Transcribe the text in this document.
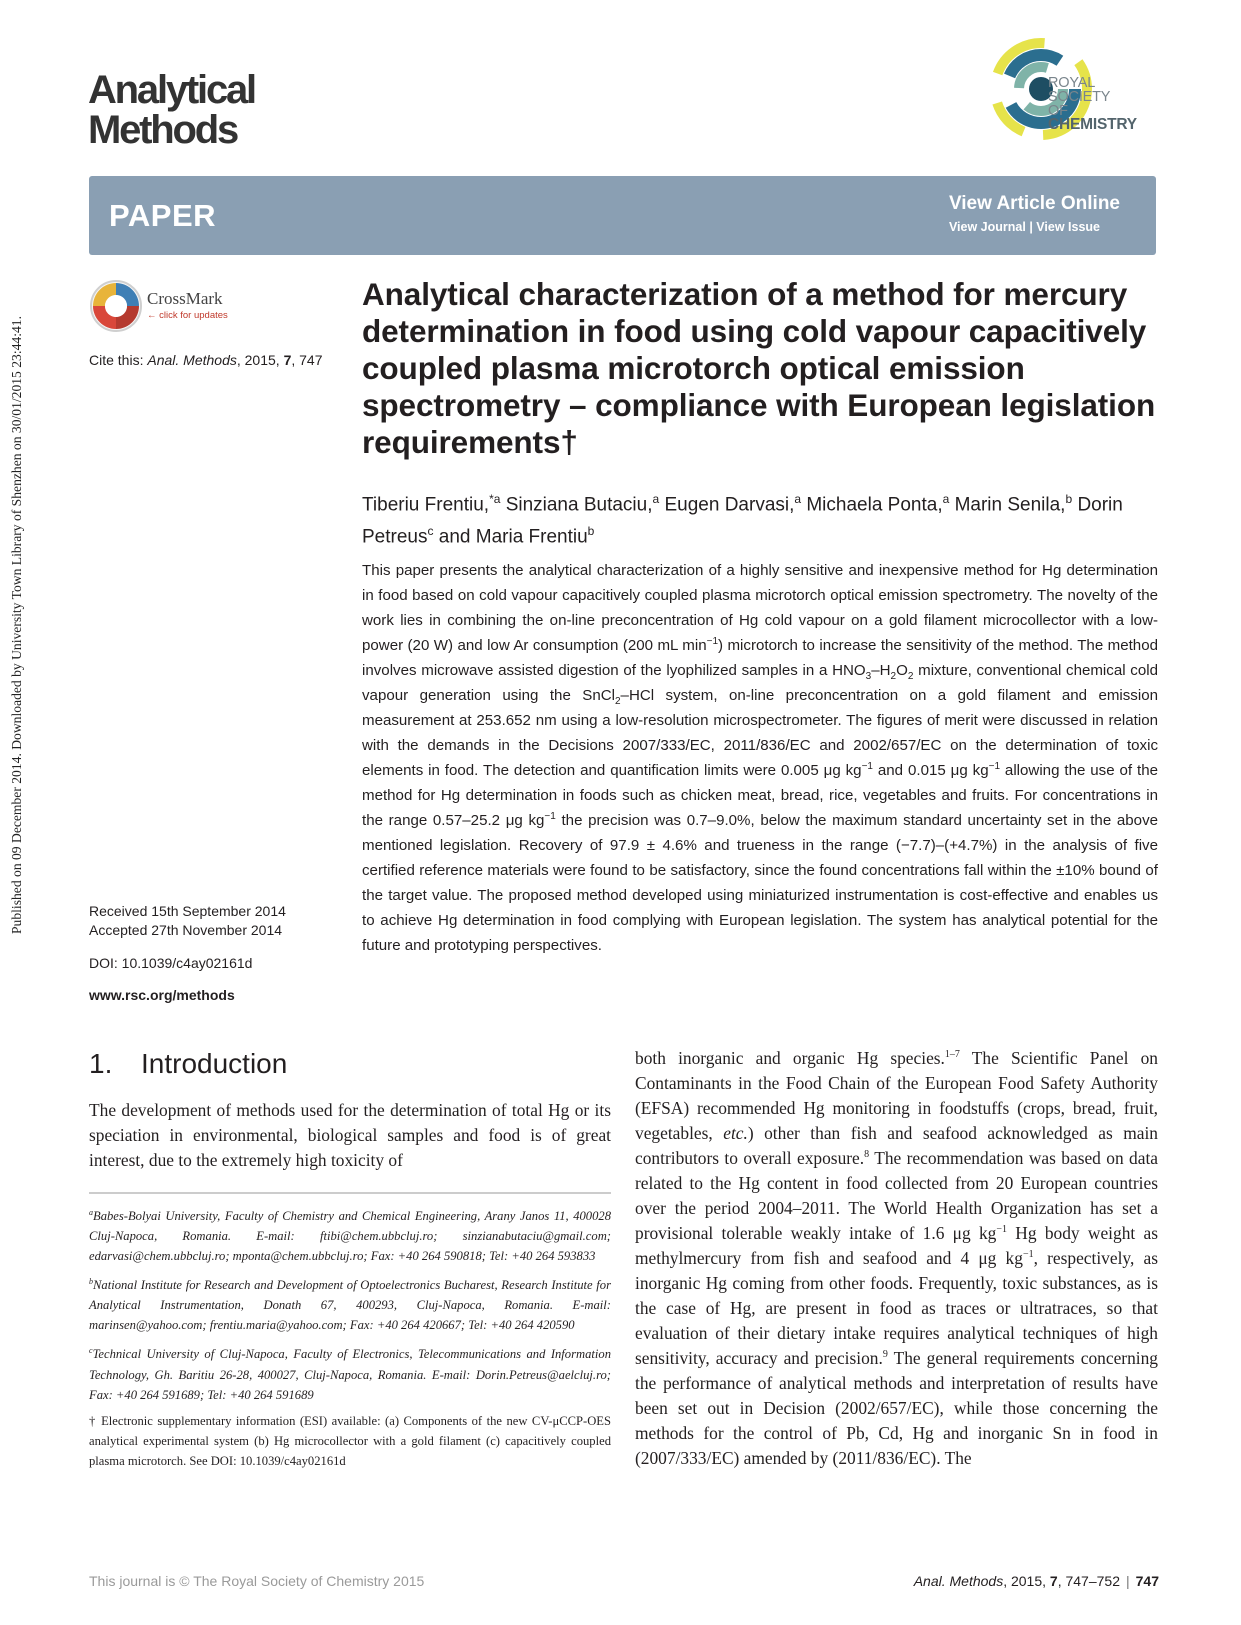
Published on 09 December 2014. Downloaded by University Town Library of Shenzhen on 30/01/2015 23:44:41.
Analytical
Methods
ROYAL SOCIETY
OF CHEMISTRY
PAPER	View Article Online
View Journal | View Issue
CrossMark
← click for updates
Cite this: Anal. Methods, 2015, 7, 747
Analytical characterization of a method for mercury determination in food using cold vapour capacitively coupled plasma microtorch optical emission spectrometry – compliance with European legislation requirements†
Tiberiu Frentiu,$^{*a}$ Sinziana Butaciu,$^a$ Eugen Darvasi,$^a$ Michaela Ponta,$^a$ Marin Senila,$^b$ Dorin Petreus$^c$ and Maria Frentiu$^b$
This paper presents the analytical characterization of a highly sensitive and inexpensive method for Hg determination in food based on cold vapour capacitively coupled plasma microtorch optical emission spectrometry. The novelty of the work lies in combining the on-line preconcentration of Hg cold vapour on a gold filament microcollector with a low-power (20 W) and low Ar consumption (200 mL $\min^{-1}$) microtorch to increase the sensitivity of the method. The method involves microwave assisted digestion of the lyophilized samples in a $HNO_3-H_2O_2$ mixture, conventional chemical cold vapour generation using the SnCl$_2$–HCl system, on-line preconcentration on a gold filament and emission measurement at 253.652 nm using a low-resolution microspectrometer. The figures of merit were discussed in relation with the demands in the Decisions 2007/333/EC, 2011/836/EC and 2002/657/EC on the determination of toxic elements in food. The detection and quantification limits were 0.005 μg $kg^{-1}$ and 0.015 μg $kg^{-1}$ allowing the use of the method for Hg determination in foods such as chicken meat, bread, rice, vegetables and fruits. For concentrations in the range 0.57–25.2 μg $kg^{-1}$ the precision was 0.7–9.0%, below the maximum standard uncertainty set in the above mentioned legislation. Recovery of 97.9 ± 4.6% and trueness in the range (−7.7)–(+4.7%) in the analysis of five certified reference materials were found to be satisfactory, since the found concentrations fall within the ±10% bound of the target value. The proposed method developed using miniaturized instrumentation is cost-effective and enables us to achieve Hg determination in food complying with European legislation. The system has analytical potential for the future and prototyping perspectives.
Received 15th September 2014
Accepted 27th November 2014
DOI: 10.1039/c4ay02161d
www.rsc.org/methods
1. Introduction
The development of methods used for the determination of total Hg or its speciation in environmental, biological samples and food is of great interest, due to the extremely high toxicity of

$^a$Babes-Bolyai University, Faculty of Chemistry and Chemical Engineering, Arany Janos 11, 400028 Cluj-Napoca, Romania. E-mail: ftibi@chem.ubbcluj.ro; sinzianabutaciu@gmail.com; edarvasi@chem.ubbcluj.ro; mponta@chem.ubbcluj.ro; Fax: +40 264 590818; Tel: +40 264 593833

$^b$National Institute for Research and Development of Optoelectronics Bucharest, Research Institute for Analytical Instrumentation, Donath 67, 400293, Cluj-Napoca, Romania. E-mail: marinsen@yahoo.com; frentiu.maria@yahoo.com; Fax: +40 264 420667; Tel: +40 264 420590

$^c$Technical University of Cluj-Napoca, Faculty of Electronics, Telecommunications and Information Technology, Gh. Baritiu 26-28, 400027, Cluj-Napoca, Romania. E-mail: Dorin.Petreus@aelcluj.ro; Fax: +40 264 591689; Tel: +40 264 591689

† Electronic supplementary information (ESI) available: (a) Components of the new CV-μCCP-OES analytical experimental system (b) Hg microcollector with a gold filament (c) capacitively coupled plasma microtorch. See DOI: 10.1039/c4ay02161d

both inorganic and organic Hg species.$^{1-7}$ The Scientific Panel on Contaminants in the Food Chain of the European Food Safety Authority (EFSA) recommended Hg monitoring in foodstuffs (crops, bread, fruit, vegetables, etc.) other than fish and seafood acknowledged as main contributors to overall exposure.$^8$ The recommendation was based on data related to the Hg content in food collected from 20 European countries over the period 2004–2011. The World Health Organization has set a provisional tolerable weakly intake of 1.6 μg $kg^{-1}$ Hg body weight as methylmercury from fish and seafood and 4 μg $kg^{-1}$, respectively, as inorganic Hg coming from other foods. Frequently, toxic substances, as is the case of Hg, are present in food as traces or ultratraces, so that evaluation of their dietary intake requires analytical techniques of high sensitivity, accuracy and precision.$^9$ The general requirements concerning the performance of analytical methods and interpretation of results have been set out in Decision (2002/657/EC), while those concerning the methods for the control of Pb, Cd, Hg and inorganic Sn in food in (2007/333/EC) amended by (2011/836/EC). The
This journal is © The Royal Society of Chemistry 2015	Anal. Methods, 2015, 7, 747–752 | 747
